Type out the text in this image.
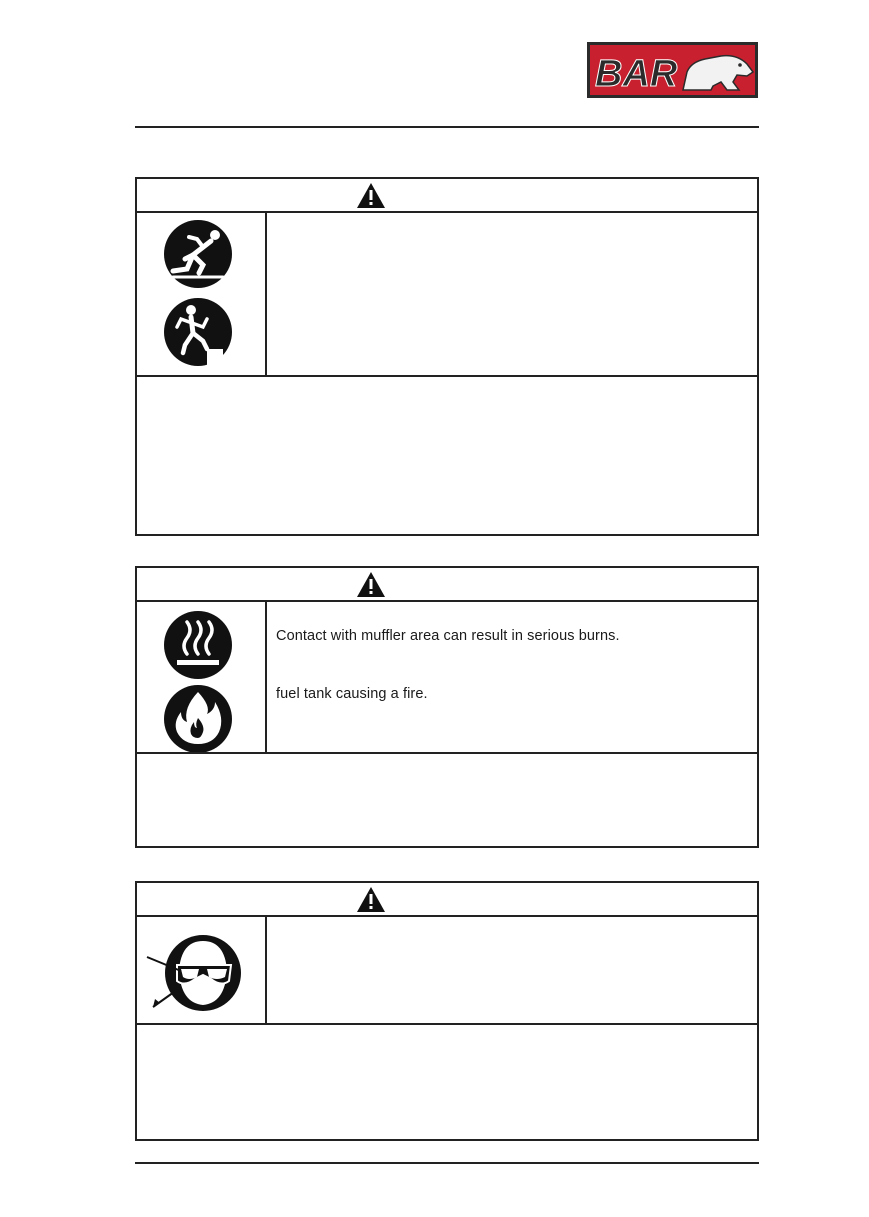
BAR
Contact with muffler area can result in serious burns.
fuel tank causing a fire.
